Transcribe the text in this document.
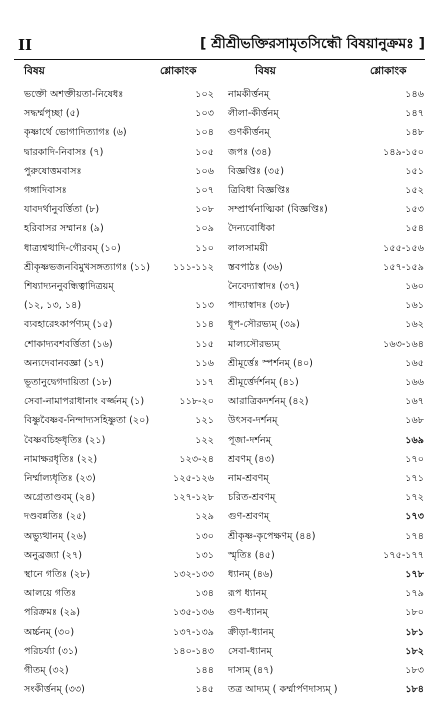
II	[ শ্রীশ্রীভক্তিরসামৃতসিন্ধৌ বিষয়ানুক্রমঃ ]
বিষয়	শ্লোকাংক	বিষয়	শ্লোকাংক
ভক্তৌ অশক্তীয়তা-নিষেধঃ	১০২
সদ্ধর্ম্মপৃচ্ছা (৫)	১০৩
কৃষ্ণার্থে ভোগাদিত্যাগঃ (৬)	১০৪
দ্বারকাদি-নিবাসঃ (৭)	১০৫
পুরুষোত্তমবাসঃ	১০৬
গঙ্গাদিবাসঃ	১০৭
যাবদর্থানুবর্ত্তিতা (৮)	১০৮
হরিবাসর সম্মানঃ (৯)	১০৯
ধাত্র্যশ্বত্থাদি-গৌরবম্‌ (১০)	১১০
শ্রীকৃষ্ণভজনবিমুখসঙ্গত্যাগঃ (১১) ১১১-১১২
শিষ্যাদ্যননুবন্ধিত্বাদিত্রয়ম্‌
(১২, ১৩, ১৪)	১১৩
ব্যবহারেঽকার্পণ্যম্‌ (১৫)	১১৪
শোকাদ্যবশবর্ত্তিতা (১৬)	১১৫
অন্যদেবানবজ্ঞা (১৭)	১১৬
ভূতানুদ্বেগদায়িতা (১৮)	১১৭
সেবা-নামাপরাধানাং বর্জ্জনম্‌ (১)	১১৮-২০
বিষ্ণুবৈষ্ণব-নিন্দাদ্যসহিষ্ণুতা (২০)	১২১
বৈষ্ণবচিহ্নধৃতিঃ (২১)	১২২
নামাক্ষরধৃতিঃ (২২)	১২৩-২৪
নির্ম্মাল্যধৃতিঃ (২৩)	১২৫-১২৬
অগ্রেতাণ্ডবম্‌ (২৪)	১২৭-১২৮
দণ্ডবন্নতিঃ (২৫)	১২৯
অভ্যুত্থানম্‌ (২৬)	১৩০
অনুব্রজ্যা (২৭)	১৩১
স্থানে গতিঃ (২৮)	১৩২-১৩৩
আলয়ে গতিঃ	১৩৪
পরিক্রমঃ (২৯)	১৩৫-১৩৬
অর্চ্চনম্‌ (৩০)	১৩৭-১৩৯
পরিচর্য্যা (৩১)	১৪০-১৪৩
গীতম্‌ (৩২)	১৪৪
সংকীর্ত্তনম্‌ (৩৩)	১৪৫
নামকীর্ত্তনম্‌	১৪৬
লীলা-কীর্ত্তনম্‌	১৪৭
গুণকীর্ত্তনম্‌	১৪৮
জপঃ (৩৪)	১৪৯-১৫০
বিজ্ঞপ্তিঃ (৩৫)	১৫১
ত্রিবিধা বিজ্ঞপ্তিঃ	১৫২
সম্প্রার্থনাত্মিকা (বিজ্ঞপ্তিঃ)	১৫৩
দৈন্যবোধিকা	১৫৪
লালসাময়ী	১৫৫-১৫৬
স্তবপাঠঃ (৩৬)	১৫৭-১৫৯
নৈবেদ্যাস্বাদঃ (৩৭)	১৬০
পাদ্যাস্বাদঃ (৩৮)	১৬১
ধূপ-সৌরভ্যম্‌ (৩৯)	১৬২
মাল্যসৌরভ্যম্‌	১৬৩-১৬৪
শ্রীমূর্ত্তেঃ স্পর্শনম্‌ (৪০)	১৬৫
শ্রীমূর্ত্তের্দর্শনম্‌ (৪১)	১৬৬
আরাত্রিকদর্শনম্‌ (৪২)	১৬৭
উৎসব-দর্শনম্‌	১৬৮
পূজা-দর্শনম্‌	১৬৯
শ্রবণম্‌ (৪৩)	১৭০
নাম-শ্রবণম্‌	১৭১
চরিত-শ্রবণম্‌	১৭২
গুণ-শ্রবণম্‌	১৭৩
শ্রীকৃষ্ণ-কৃপেক্ষণম্‌ (৪৪)	১৭৪
স্মৃতিঃ (৪৫)	১৭৫-১৭৭
ধ্যানম্‌ (৪৬)	১৭৮
রূপ ধ্যানম্‌	১৭৯
গুণ-ধ্যানম্‌	১৮০
ক্রীড়া-ধ্যানম্‌	১৮১
সেবা-ধ্যানম্‌	১৮২
দাস্যম্‌ (৪৭)	১৮৩
তত্র আদ্যম্‌ ( কর্ম্মার্পণদাস্যম্‌ )	১৮৪
